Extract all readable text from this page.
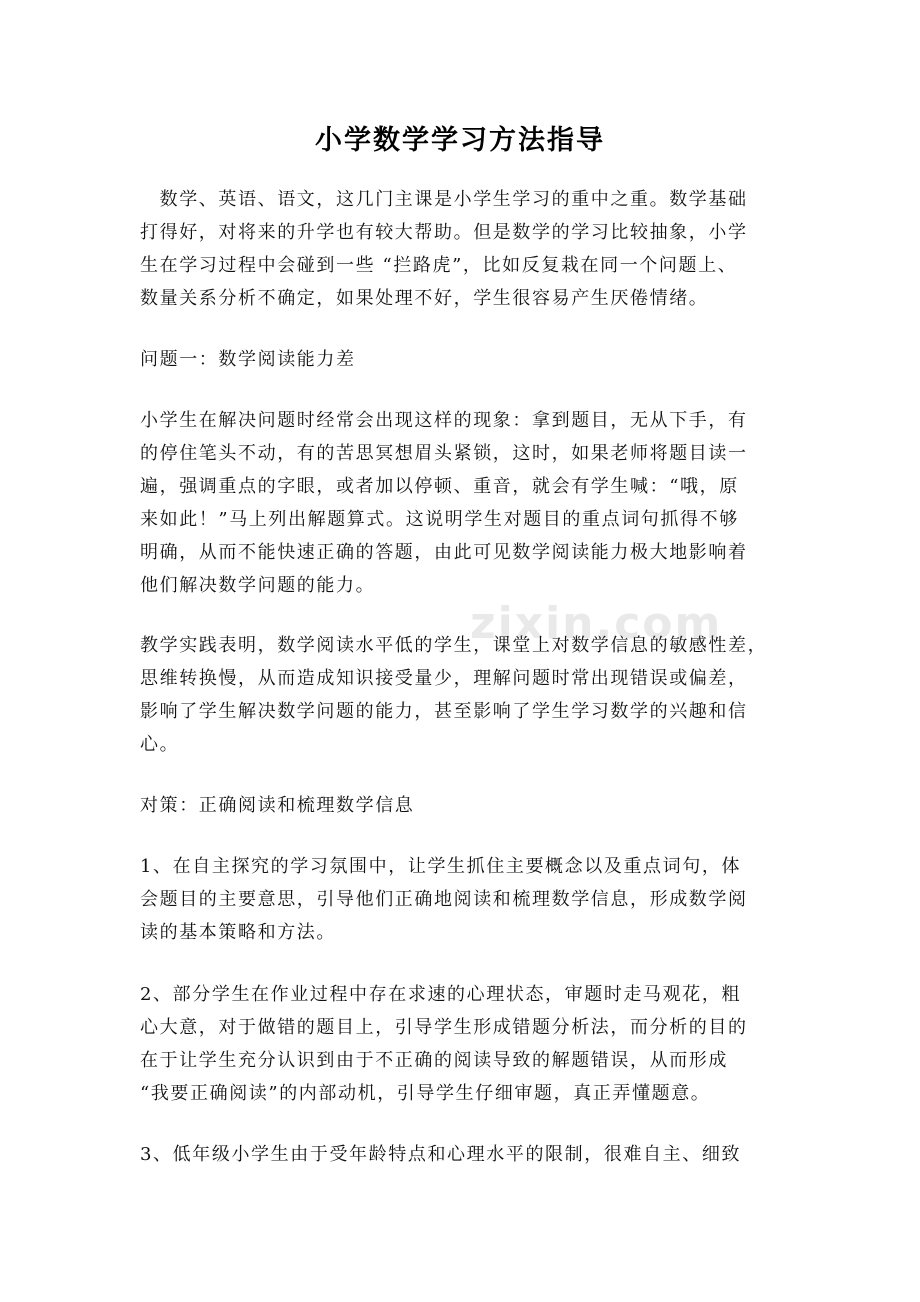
zixin.com
小学数学学习方法指导
　数学、英语、语文，这几门主课是小学生学习的重中之重。数学基础
打得好，对将来的升学也有较大帮助。但是数学的学习比较抽象，小学
生在学习过程中会碰到一些 “拦路虎”，比如反复栽在同一个问题上、
数量关系分析不确定，如果处理不好，学生很容易产生厌倦情绪。
问题一：数学阅读能力差
小学生在解决问题时经常会出现这样的现象：拿到题目，无从下手，有
的停住笔头不动，有的苦思冥想眉头紧锁，这时，如果老师将题目读一
遍，强调重点的字眼，或者加以停顿、重音，就会有学生喊：“哦，原
来如此！”马上列出解题算式。这说明学生对题目的重点词句抓得不够
明确，从而不能快速正确的答题，由此可见数学阅读能力极大地影响着
他们解决数学问题的能力。
教学实践表明，数学阅读水平低的学生，课堂上对数学信息的敏感性差，
思维转换慢，从而造成知识接受量少，理解问题时常出现错误或偏差，
影响了学生解决数学问题的能力，甚至影响了学生学习数学的兴趣和信
心。
对策：正确阅读和梳理数学信息
1、在自主探究的学习氛围中，让学生抓住主要概念以及重点词句，体
会题目的主要意思，引导他们正确地阅读和梳理数学信息，形成数学阅
读的基本策略和方法。
2、部分学生在作业过程中存在求速的心理状态，审题时走马观花，粗
心大意，对于做错的题目上，引导学生形成错题分析法，而分析的目的
在于让学生充分认识到由于不正确的阅读导致的解题错误，从而形成
“我要正确阅读”的内部动机，引导学生仔细审题，真正弄懂题意。
3、低年级小学生由于受年龄特点和心理水平的限制，很难自主、细致
